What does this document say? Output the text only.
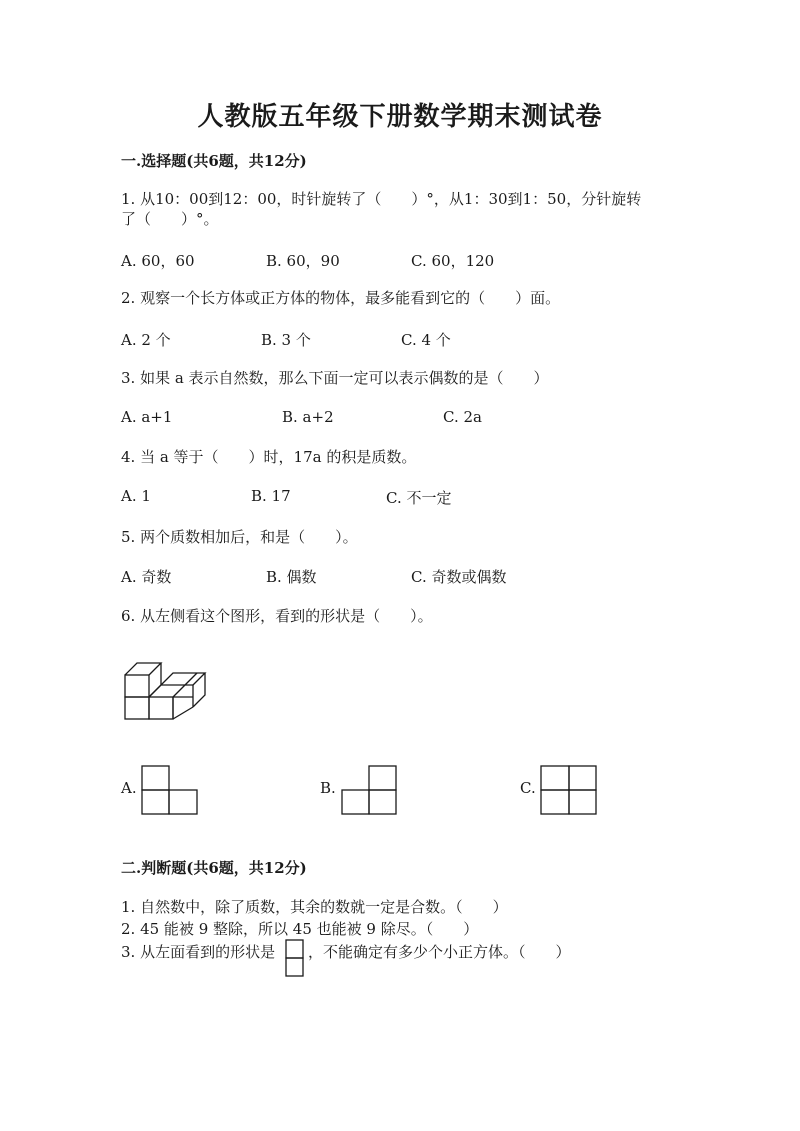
人教版五年级下册数学期末测试卷
一.选择题(共6题，共12分)
1. 从10：00到12：00，时针旋转了（　　）°，从1：30到1：50，分针旋转
了（　　）°。
A. 60，60	B. 60，90	C. 60，120
2. 观察一个长方体或正方体的物体，最多能看到它的（　　）面。
A. 2 个	B. 3 个	C. 4 个
3. 如果 a 表示自然数，那么下面一定可以表示偶数的是（　　）
A. a+1	B. a+2	C. 2a
4. 当 a 等于（　　）时，17a 的积是质数。
A. 1	B. 17	C. 不一定
5. 两个质数相加后，和是（　　）。
A. 奇数	B. 偶数	C. 奇数或偶数
6. 从左侧看这个图形，看到的形状是（　　）。
A.	B.	C.
二.判断题(共6题，共12分)
1. 自然数中，除了质数，其余的数就一定是合数。（　　）
2. 45 能被 9 整除，所以 45 也能被 9 除尽。（　　）
3. 从左面看到的形状是 ，不能确定有多少个小正方体。（　　）
